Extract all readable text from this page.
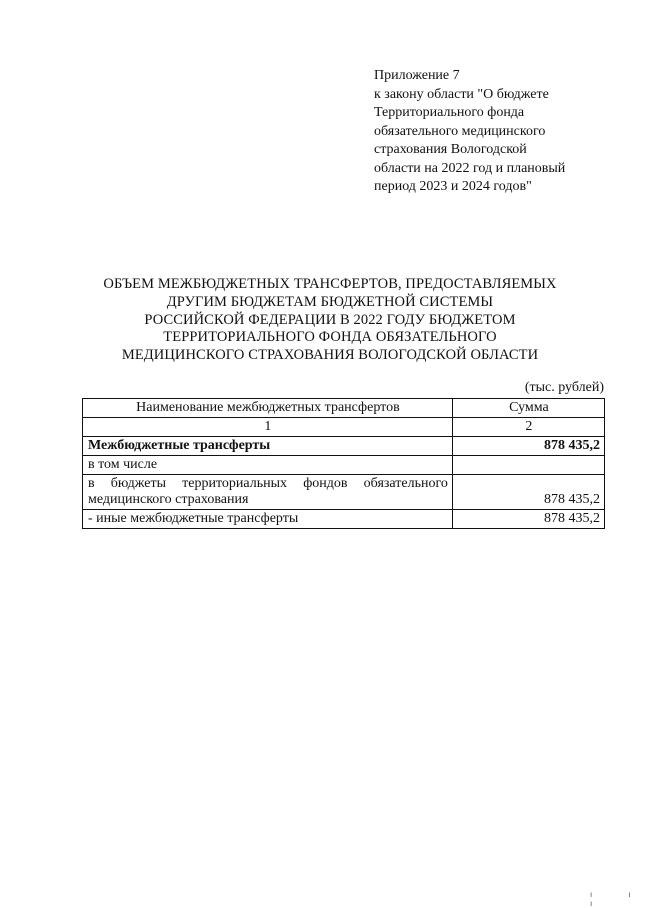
Приложение 7
к закону области "О бюджете
Территориального фонда
обязательного медицинского
страхования Вологодской
области на 2022 год и плановый
период 2023 и 2024 годов"
ОБЪЕМ МЕЖБЮДЖЕТНЫХ ТРАНСФЕРТОВ, ПРЕДОСТАВЛЯЕМЫХ
ДРУГИМ БЮДЖЕТАМ БЮДЖЕТНОЙ СИСТЕМЫ
РОССИЙСКОЙ ФЕДЕРАЦИИ В 2022 ГОДУ БЮДЖЕТОМ
ТЕРРИТОРИАЛЬНОГО ФОНДА ОБЯЗАТЕЛЬНОГО
МЕДИЦИНСКОГО СТРАХОВАНИЯ ВОЛОГОДСКОЙ ОБЛАСТИ
(тыс. рублей)
Наименование межбюджетных трансфертов	Сумма
1	2
Межбюджетные трансферты	878 435,2
в том числе	
в бюджеты территориальных фондов обязательного медицинского страхования	878 435,2
- иные межбюджетные трансферты	878 435,2
ıı ı
